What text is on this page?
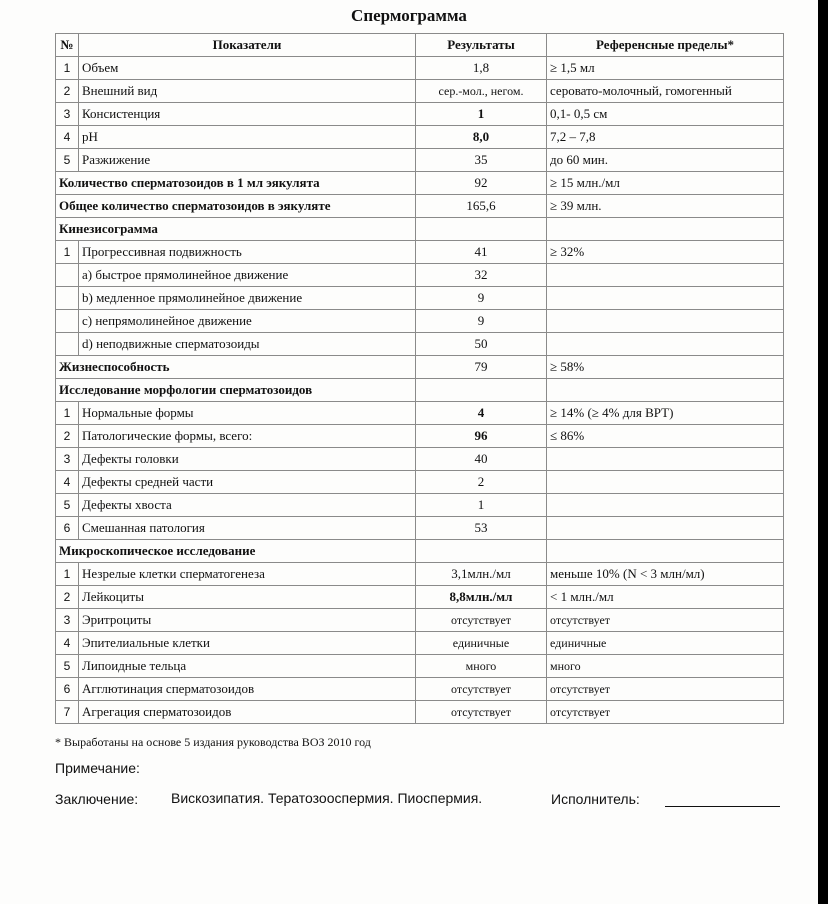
Спермограмма
№	Показатели	Результаты	Референсные пределы*
1	Объем	1,8	≥ 1,5 мл
2	Внешний вид	сер.-мол., негом.	серовато-молочный, гомогенный
3	Консистенция	1	0,1- 0,5 см
4	pH	8,0	7,2 – 7,8
5	Разжижение	35	до 60 мин.
Количество сперматозоидов в 1 мл эякулята		92	≥ 15 млн./мл
Общее количество сперматозоидов в эякуляте		165,6	≥ 39 млн.
Кинезисограмма			
1	Прогрессивная подвижность	41	≥ 32%
	а) быстрое прямолинейное движение	32	
	b) медленное прямолинейное движение	9	
	с) непрямолинейное движение	9	
	d) неподвижные сперматозоиды	50	
Жизнеспособность		79	≥ 58%
Исследование морфологии сперматозоидов			
1	Нормальные формы	4	≥ 14% (≥ 4% для ВРТ)
2	Патологические формы, всего:	96	≤ 86%
3	Дефекты головки	40	
4	Дефекты средней части	2	
5	Дефекты хвоста	1	
6	Смешанная патология	53	
Микроскопическое исследование			
1	Незрелые клетки сперматогенеза	3,1млн./мл	меньше 10% (N < 3 млн/мл)
2	Лейкоциты	8,8млн./мл	< 1 млн./мл
3	Эритроциты	отсутствует	отсутствует
4	Эпителиальные клетки	единичные	единичные
5	Липоидные тельца	много	много
6	Агглютинация сперматозоидов	отсутствует	отсутствует
7	Агрегация сперматозоидов	отсутствует	отсутствует
* Выработаны на основе 5 издания руководства ВОЗ 2010 год
Примечание:
Заключение: Вискозипатия. Тератозооспермия. Пиоспермия.	Исполнитель:
